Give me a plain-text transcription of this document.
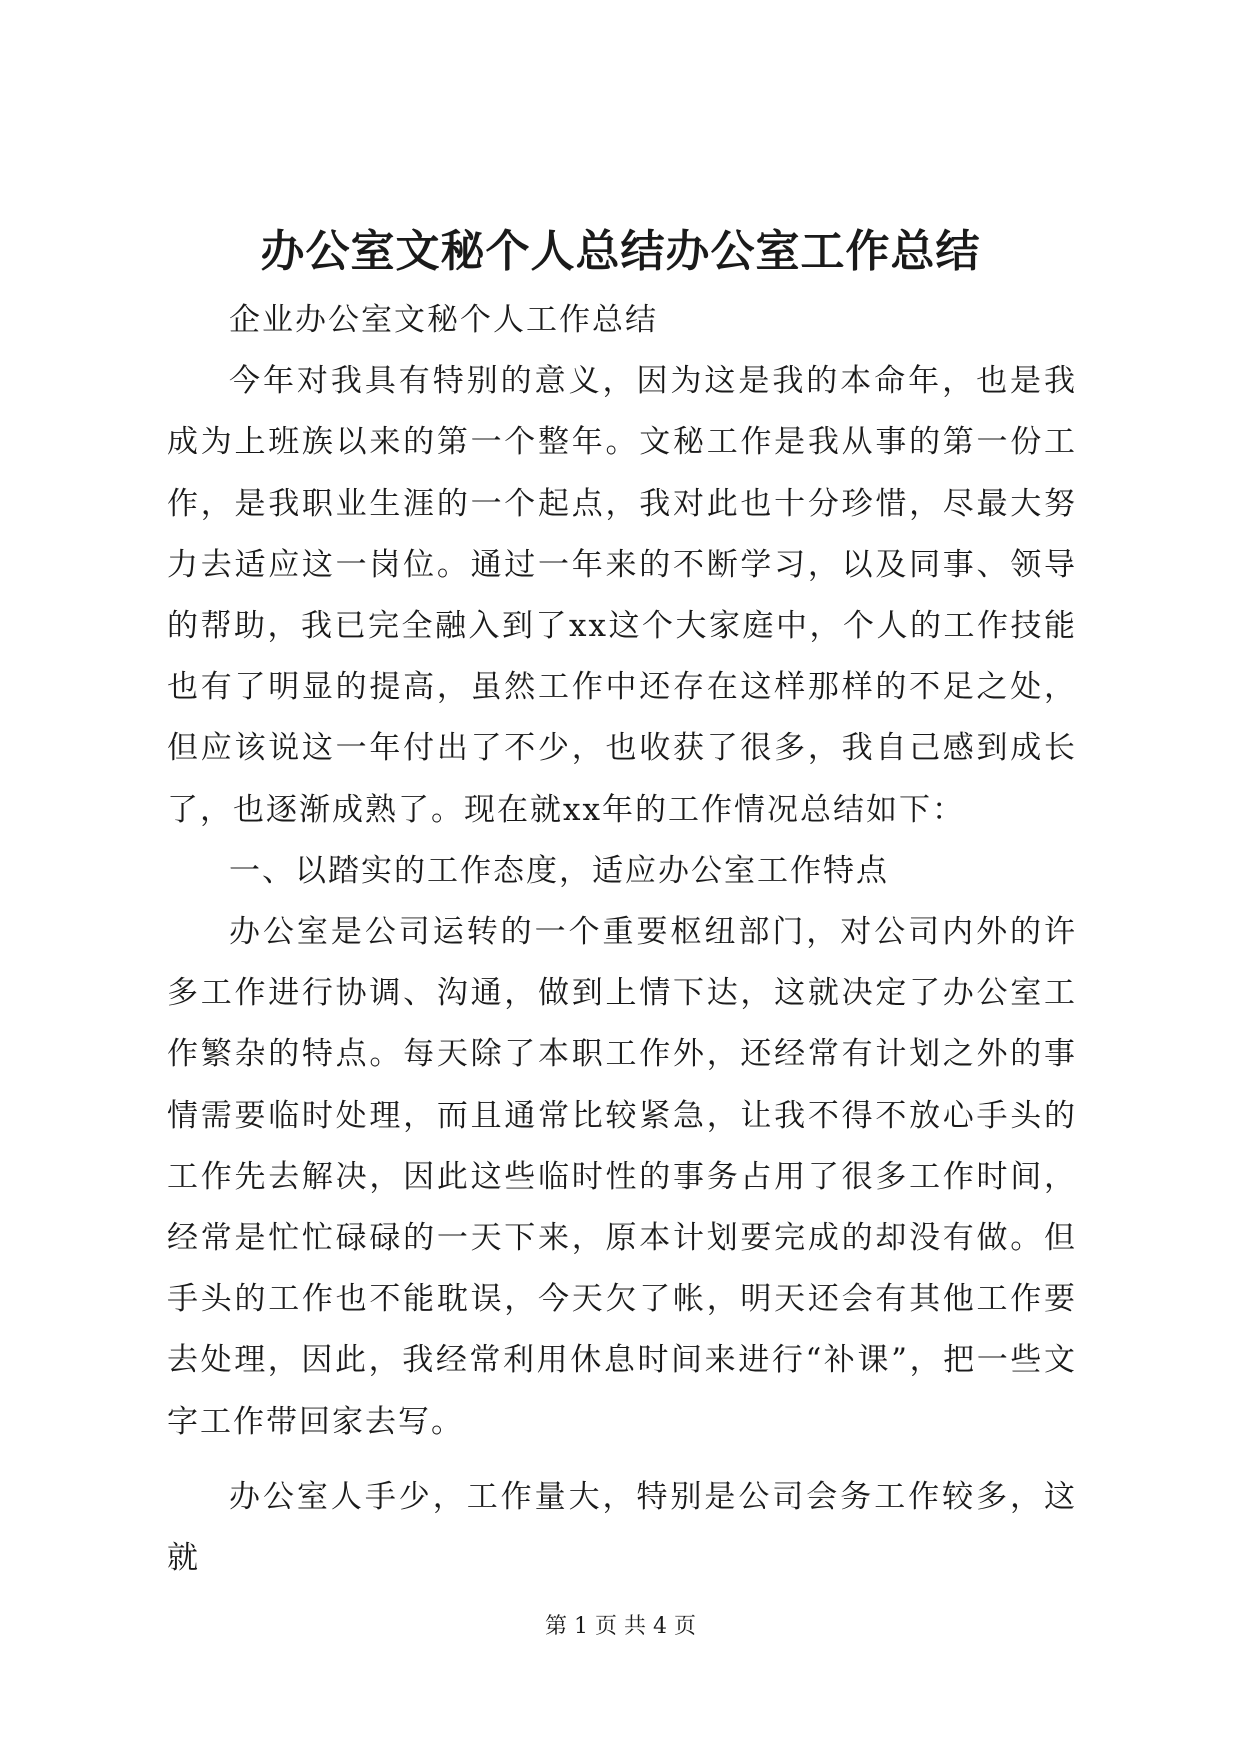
办公室文秘个人总结办公室工作总结

企业办公室文秘个人工作总结

今年对我具有特别的意义，因为这是我的本命年，也是我成为上班族以来的第一个整年。文秘工作是我从事的第一份工作，是我职业生涯的一个起点，我对此也十分珍惜，尽最大努力去适应这一岗位。通过一年来的不断学习，以及同事、领导的帮助，我已完全融入到了xx这个大家庭中，个人的工作技能也有了明显的提高，虽然工作中还存在这样那样的不足之处，但应该说这一年付出了不少，也收获了很多，我自己感到成长了，也逐渐成熟了。现在就xx年的工作情况总结如下：

一、以踏实的工作态度，适应办公室工作特点

办公室是公司运转的一个重要枢纽部门，对公司内外的许多工作进行协调、沟通，做到上情下达，这就决定了办公室工作繁杂的特点。每天除了本职工作外，还经常有计划之外的事情需要临时处理，而且通常比较紧急，让我不得不放心手头的工作先去解决，因此这些临时性的事务占用了很多工作时间，经常是忙忙碌碌的一天下来，原本计划要完成的却没有做。但手头的工作也不能耽误，今天欠了帐，明天还会有其他工作要去处理，因此，我经常利用休息时间来进行“补课”，把一些文字工作带回家去写。

办公室人手少，工作量大，特别是公司会务工作较多，这就

第 1 页 共 4 页
